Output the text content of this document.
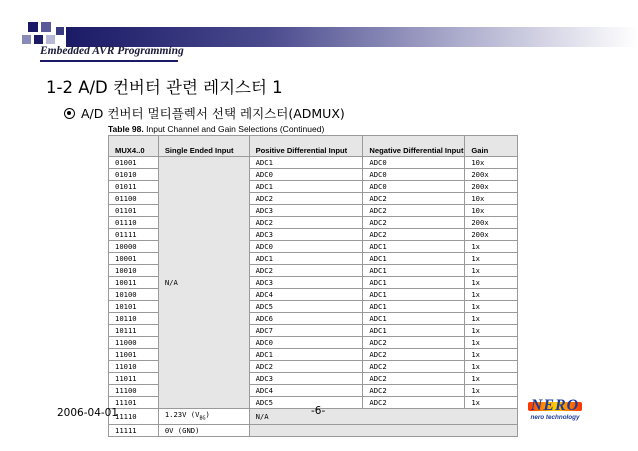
Embedded AVR Programming
1-2 A/D 컨버터 관련 레지스터 1
A/D 컨버터 멀티플렉서 선택 레지스터(ADMUX)
Table 98. Input Channel and Gain Selections (Continued)
MUX4..0	Single Ended Input	Positive Differential Input	Negative Differential Input	Gain
01001	N/A	ADC1	ADC0	10x
01010		ADC0	ADC0	200x
01011		ADC1	ADC0	200x
01100		ADC2	ADC2	10x
01101		ADC3	ADC2	10x
01110		ADC2	ADC2	200x
01111		ADC3	ADC2	200x
10000		ADC0	ADC1	1x
10001		ADC1	ADC1	1x
10010		ADC2	ADC1	1x
10011		ADC3	ADC1	1x
10100		ADC4	ADC1	1x
10101		ADC5	ADC1	1x
10110		ADC6	ADC1	1x
10111		ADC7	ADC1	1x
11000		ADC0	ADC2	1x
11001		ADC1	ADC2	1x
11010		ADC2	ADC2	1x
11011		ADC3	ADC2	1x
11100		ADC4	ADC2	1x
11101		ADC5	ADC2	1x
11110	1.23V $(V_{BG})$	N/A		
11111	0V (GND)			
2006-04-01	-6-	NERO
nero technology
